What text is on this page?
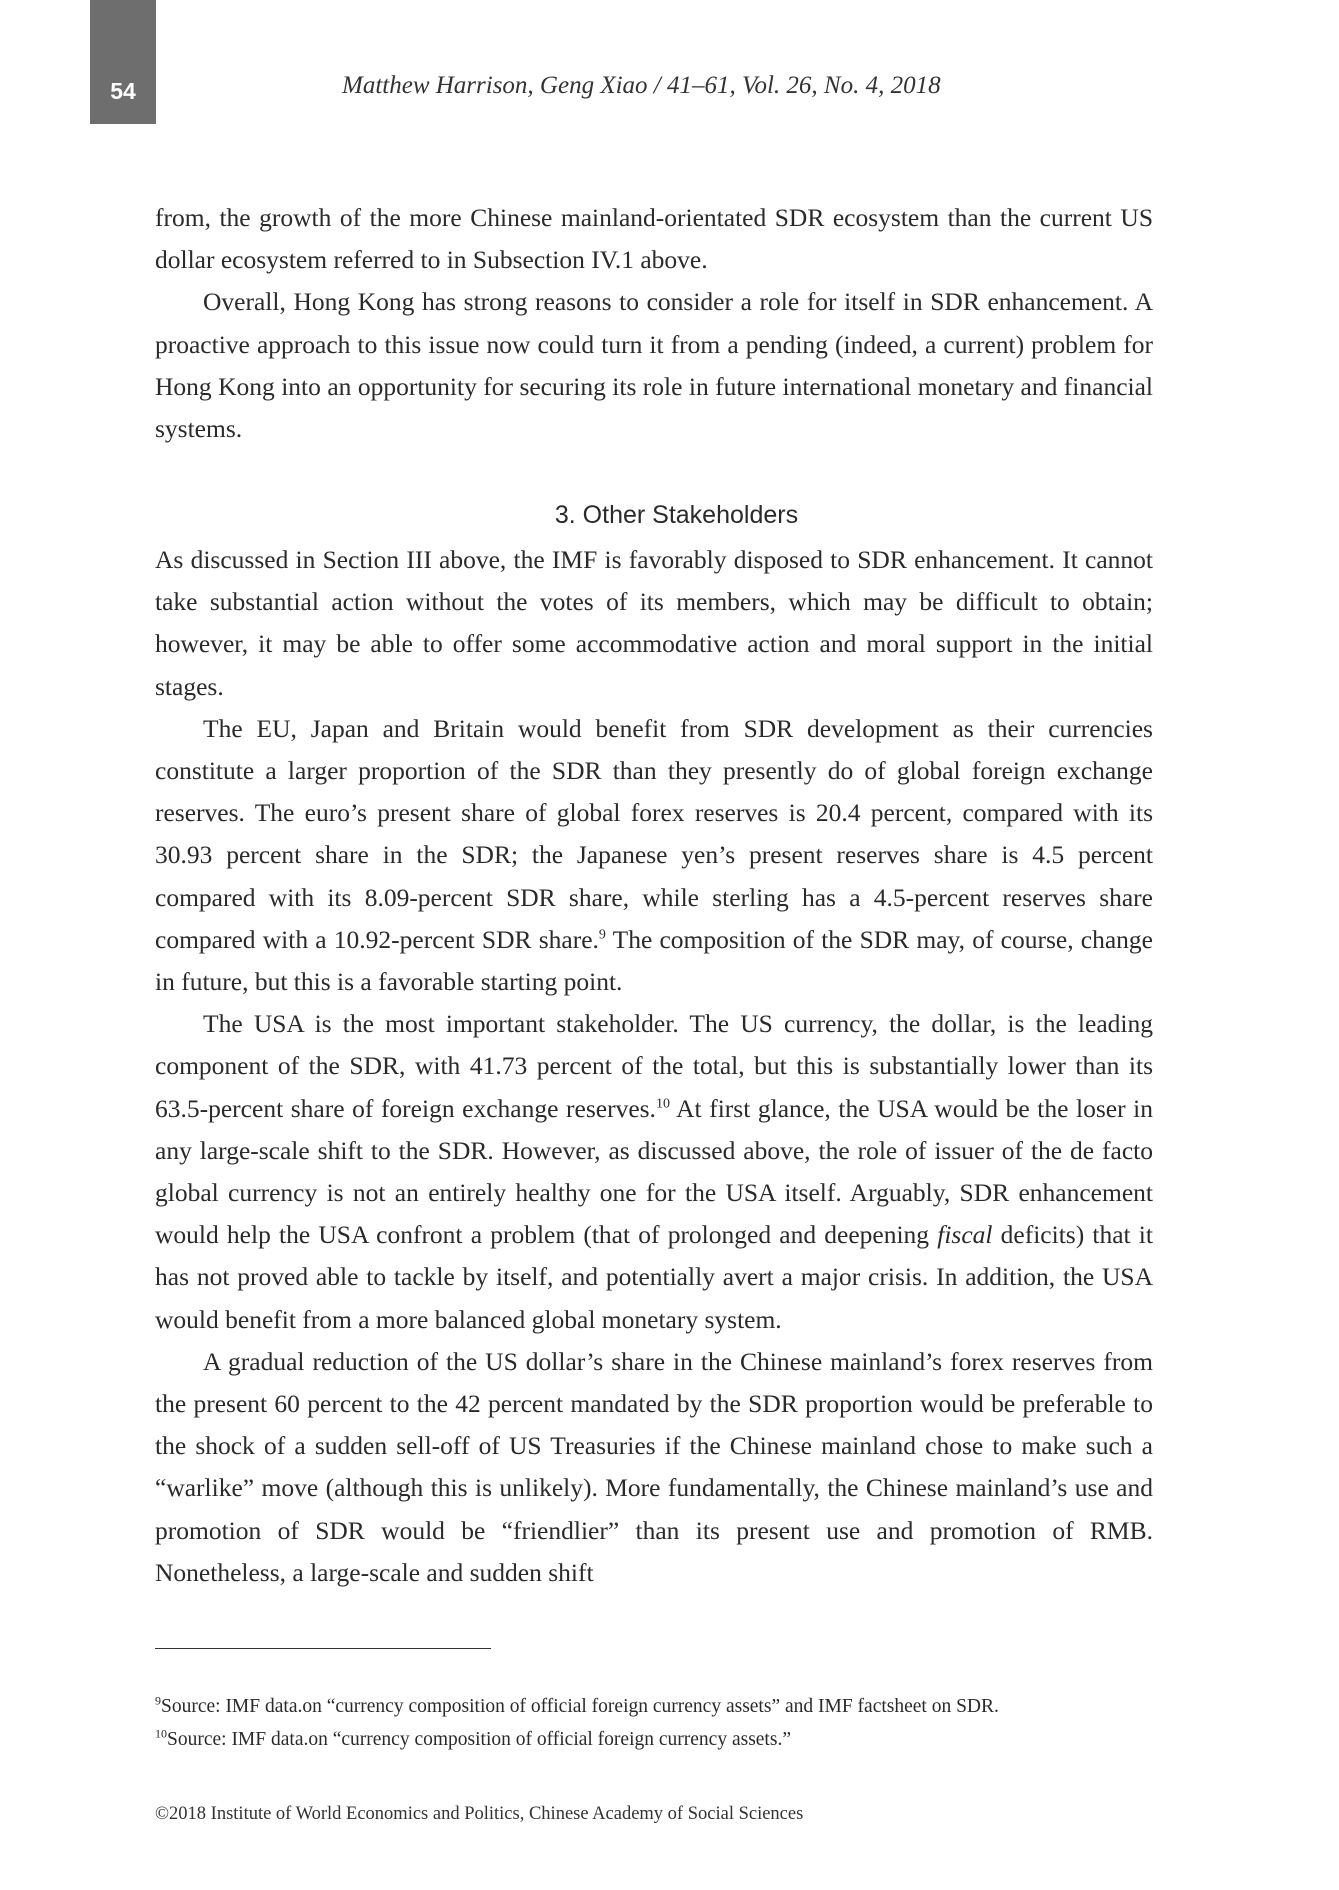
54	Matthew Harrison, Geng Xiao / 41–61, Vol. 26, No. 4, 2018

from, the growth of the more Chinese mainland-orientated SDR ecosystem than the current US dollar ecosystem referred to in Subsection IV.1 above.

Overall, Hong Kong has strong reasons to consider a role for itself in SDR enhancement. A proactive approach to this issue now could turn it from a pending (indeed, a current) problem for Hong Kong into an opportunity for securing its role in future international monetary and financial systems.

3. Other Stakeholders

As discussed in Section III above, the IMF is favorably disposed to SDR enhancement. It cannot take substantial action without the votes of its members, which may be difficult to obtain; however, it may be able to offer some accommodative action and moral support in the initial stages.

The EU, Japan and Britain would benefit from SDR development as their currencies constitute a larger proportion of the SDR than they presently do of global foreign exchange reserves. The euro’s present share of global forex reserves is 20.4 percent, compared with its 30.93 percent share in the SDR; the Japanese yen’s present reserves share is 4.5 percent compared with its 8.09-percent SDR share, while sterling has a 4.5-percent reserves share compared with a 10.92-percent SDR share.$^9$ The composition of the SDR may, of course, change in future, but this is a favorable starting point.

The USA is the most important stakeholder. The US currency, the dollar, is the leading component of the SDR, with 41.73 percent of the total, but this is substantially lower than its 63.5-percent share of foreign exchange reserves.$^{10}$ At first glance, the USA would be the loser in any large-scale shift to the SDR. However, as discussed above, the role of issuer of the de facto global currency is not an entirely healthy one for the USA itself. Arguably, SDR enhancement would help the USA confront a problem (that of prolonged and deepening fiscal deficits) that it has not proved able to tackle by itself, and potentially avert a major crisis. In addition, the USA would benefit from a more balanced global monetary system.

A gradual reduction of the US dollar’s share in the Chinese mainland’s forex reserves from the present 60 percent to the 42 percent mandated by the SDR proportion would be preferable to the shock of a sudden sell-off of US Treasuries if the Chinese mainland chose to make such a “warlike” move (although this is unlikely). More fundamentally, the Chinese mainland’s use and promotion of SDR would be “friendlier” than its present use and promotion of RMB. Nonetheless, a large-scale and sudden shift

$^9$Source: IMF data.on “currency composition of official foreign currency assets” and IMF factsheet on SDR.

$^{10}$Source: IMF data.on “currency composition of official foreign currency assets.”

©2018 Institute of World Economics and Politics, Chinese Academy of Social Sciences
